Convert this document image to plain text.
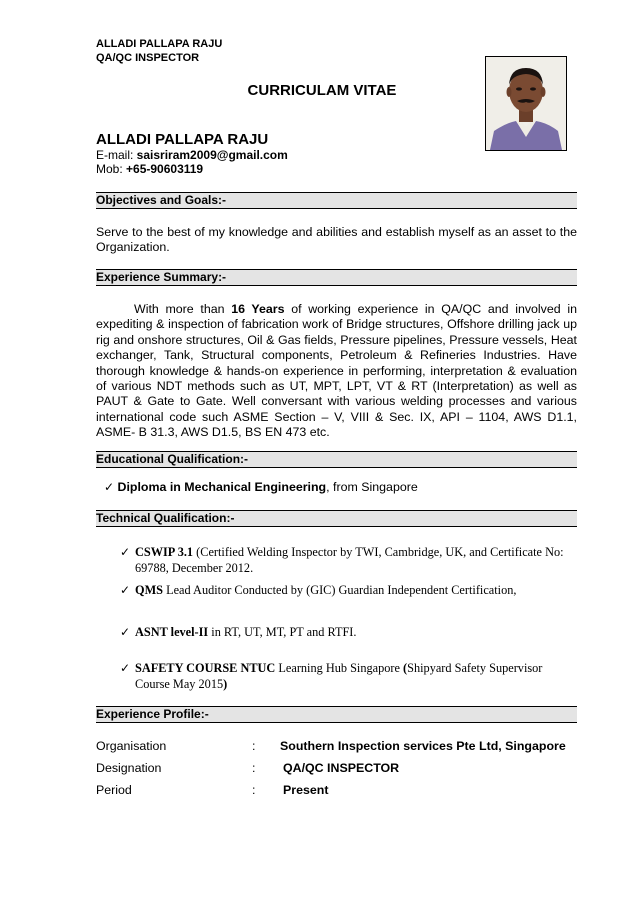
ALLADI PALLAPA RAJU
QA/QC INSPECTOR
CURRICULAM VITAE
ALLADI PALLAPA RAJU
E-mail: saisriram2009@gmail.com
Mob: +65-90603119
Objectives and Goals:-
Serve to the best of my knowledge and abilities and establish myself as an asset to the Organization.
Experience Summary:-
With more than 16 Years of working experience in QA/QC and involved in expediting & inspection of fabrication work of Bridge structures, Offshore drilling jack up rig and onshore structures, Oil & Gas fields, Pressure pipelines, Pressure vessels, Heat exchanger, Tank, Structural components, Petroleum & Refineries Industries. Have thorough knowledge & hands-on experience in performing, interpretation & evaluation of various NDT methods such as UT, MPT, LPT, VT & RT (Interpretation) as well as PAUT & Gate to Gate. Well conversant with various welding processes and various international code such ASME Section – V, VIII & Sec. IX, API – 1104, AWS D1.1, ASME- B 31.3, AWS D1.5, BS EN 473 etc.
Educational Qualification:-
✓ Diploma in Mechanical Engineering, from Singapore
Technical Qualification:-
✓ CSWIP 3.1 (Certified Welding Inspector by TWI, Cambridge, UK, and Certificate No: 69788, December 2012.
✓ QMS Lead Auditor Conducted by (GIC) Guardian Independent Certification,
✓ ASNT level-II in RT, UT, MT, PT and RTFI.
✓ SAFETY COURSE NTUC Learning Hub Singapore (Shipyard Safety Supervisor Course May 2015)
Experience Profile:-
Organisation	: Southern Inspection services Pte Ltd, Singapore
Designation	: QA/QC INSPECTOR
Period	: Present
